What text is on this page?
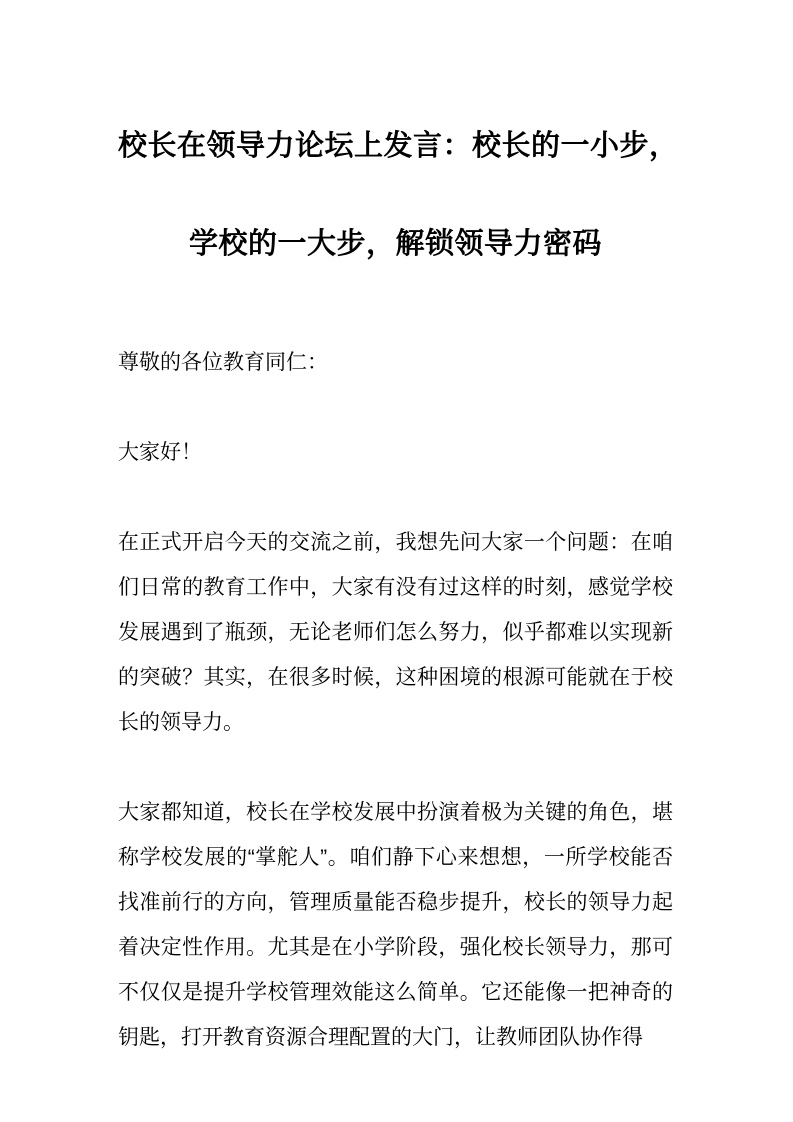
校长在领导力论坛上发言：校长的一小步，
学校的一大步，解锁领导力密码

尊敬的各位教育同仁：

大家好！

在正式开启今天的交流之前，我想先问大家一个问题：在咱们日常的教育工作中，大家有没有过这样的时刻，感觉学校发展遇到了瓶颈，无论老师们怎么努力，似乎都难以实现新的突破？其实，在很多时候，这种困境的根源可能就在于校长的领导力。

大家都知道，校长在学校发展中扮演着极为关键的角色，堪称学校发展的“掌舵人”。咱们静下心来想想，一所学校能否找准前行的方向，管理质量能否稳步提升，校长的领导力起着决定性作用。尤其是在小学阶段，强化校长领导力，那可不仅仅是提升学校管理效能这么简单。它还能像一把神奇的钥匙，打开教育资源合理配置的大门，让教师团队协作得
